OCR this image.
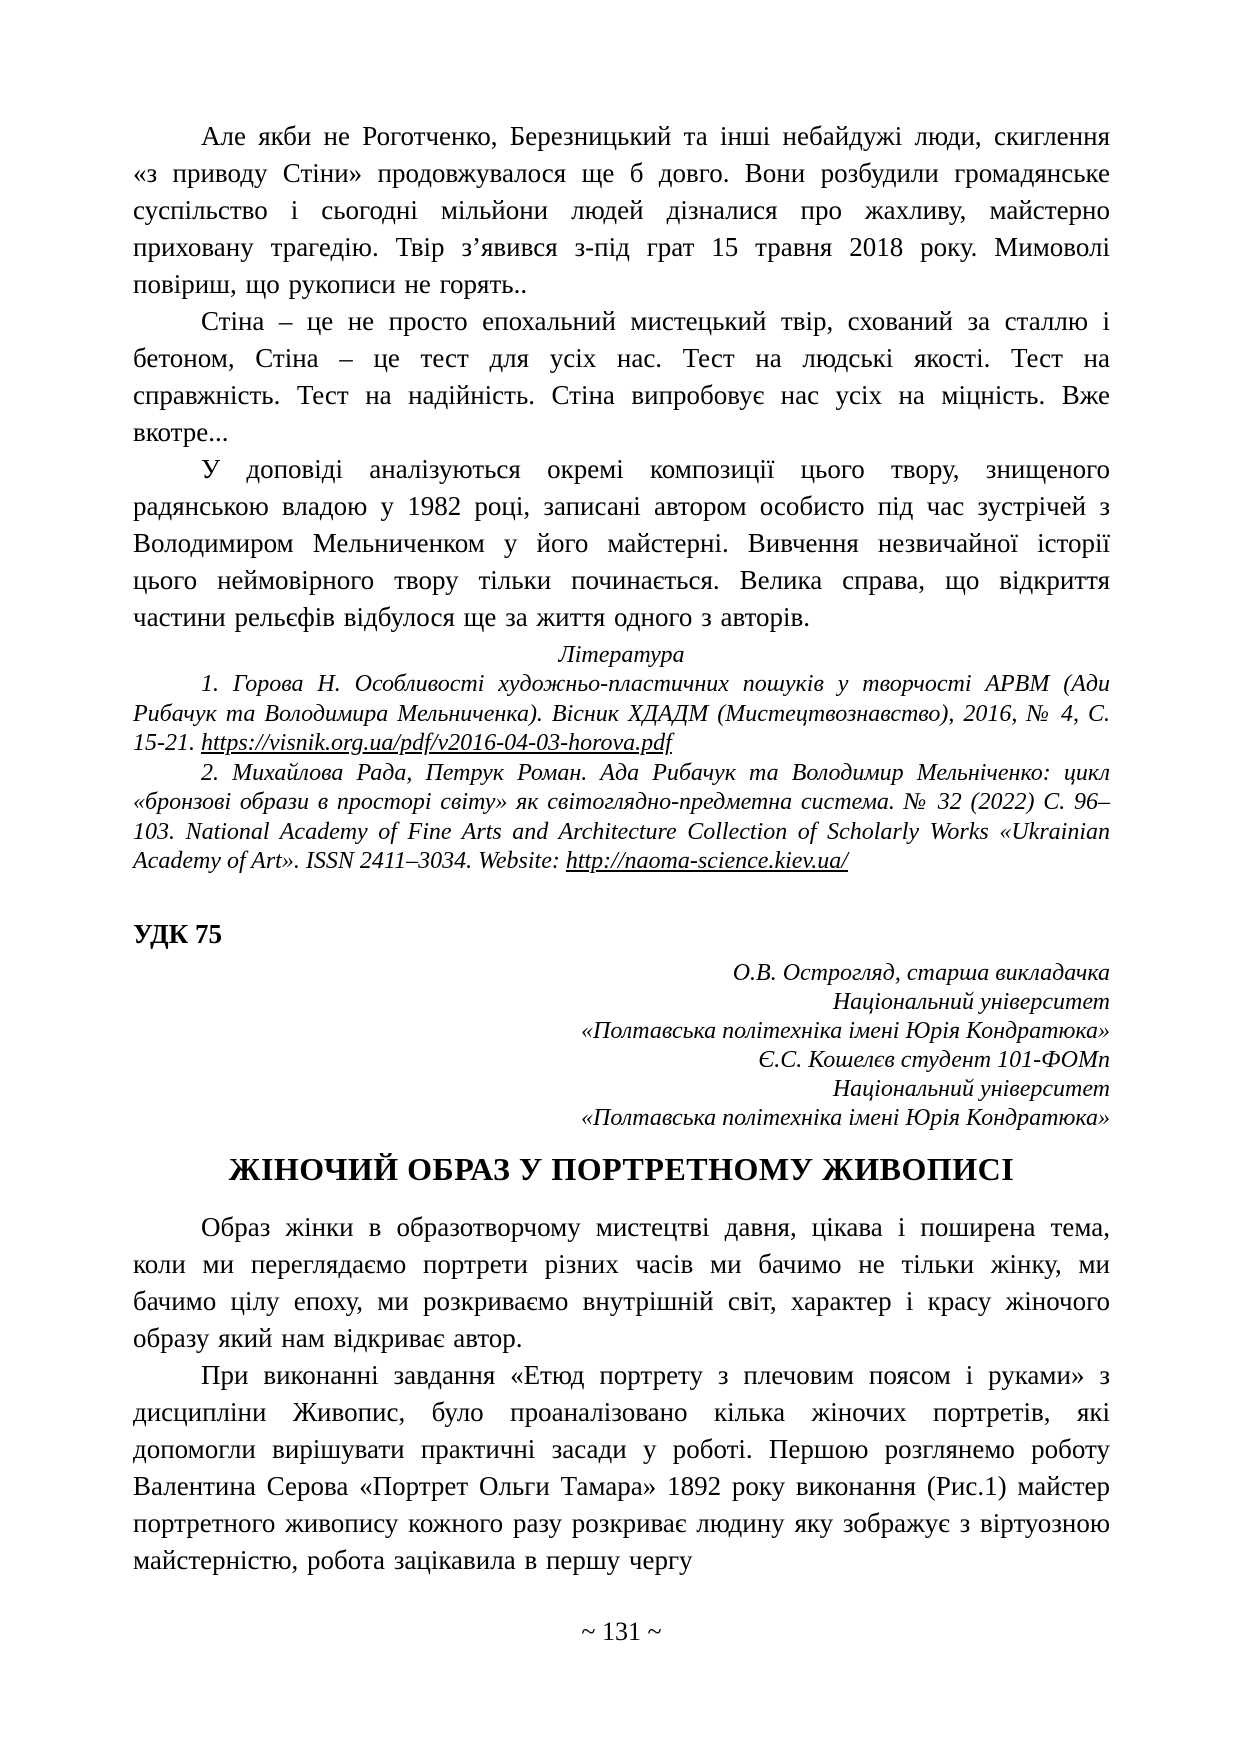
Але якби не Роготченко, Березницький та інші небайдужі люди, скиглення «з приводу Стіни» продовжувалося ще б довго. Вони розбудили громадянське суспільство і сьогодні мільйони людей дізналися про жахливу, майстерно приховану трагедію. Твір з’явився з-під грат 15 травня 2018 року. Мимоволі повіриш, що рукописи не горять..

Стіна – це не просто епохальний мистецький твір, схований за сталлю і бетоном, Стіна – це тест для усіх нас. Тест на людські якості. Тест на справжність. Тест на надійність. Стіна випробовує нас усіх на міцність. Вже вкотре...

У доповіді аналізуються окремі композиції цього твору, знищеного радянською владою у 1982 році, записані автором особисто під час зустрічей з Володимиром Мельниченком у його майстерні. Вивчення незвичайної історії цього неймовірного твору тільки починається. Велика справа, що відкриття частини рельєфів відбулося ще за життя одного з авторів.

Література

1. Горова Н. Особливості художньо-пластичних пошуків у творчості АРВМ (Ади Рибачук та Володимира Мельниченка). Вісник ХДАДМ (Мистецтвознавство), 2016, № 4, С. 15-21. https://visnik.org.ua/pdf/v2016-04-03-horova.pdf

2. Михайлова Рада, Петрук Роман. Ада Рибачук та Володимир Мельніченко: цикл «бронзові образи в просторі світу» як світоглядно-предметна система. № 32 (2022) С. 96–103. National Academy of Fine Arts and Architecture Collection of Scholarly Works «Ukrainian Academy of Art». ISSN 2411–3034. Website: http://naoma-science.kiev.ua/

УДК 75
О.В. Острогляд, старша викладачка
Національний університет
«Полтавська політехніка імені Юрія Кондратюка»
Є.С. Кошелєв студент 101-ФОМп
Національний університет
«Полтавська політехніка імені Юрія Кондратюка»
ЖІНОЧИЙ ОБРАЗ У ПОРТРЕТНОМУ ЖИВОПИСІ

Образ жінки в образотворчому мистецтві давня, цікава і поширена тема, коли ми переглядаємо портрети різних часів ми бачимо не тільки жінку, ми бачимо цілу епоху, ми розкриваємо внутрішній світ, характер і красу жіночого образу який нам відкриває автор.

При виконанні завдання «Етюд портрету з плечовим поясом і руками» з дисципліни Живопис, було проаналізовано кілька жіночих портретів, які допомогли вирішувати практичні засади у роботі. Першою розглянемо роботу Валентина Серова «Портрет Ольги Тамара» 1892 року виконання (Рис.1) майстер портретного живопису кожного разу розкриває людину яку зображує з віртуозною майстерністю, робота зацікавила в першу чергу

~ 131 ~
